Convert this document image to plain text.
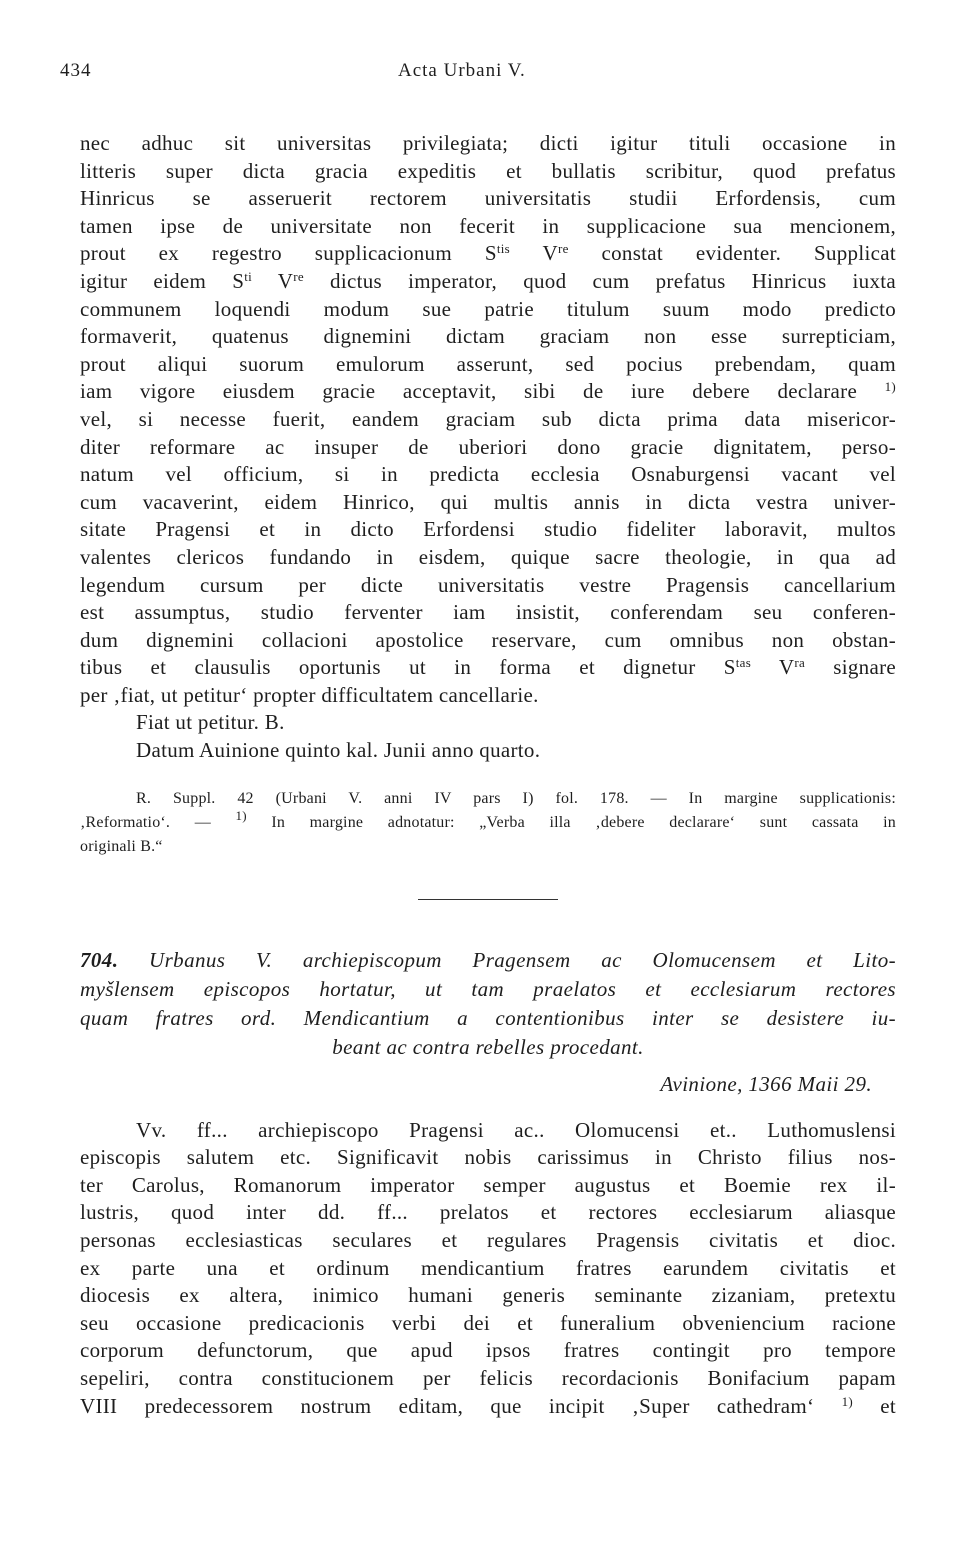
434	Acta Urbani V.

nec adhuc sit universitas privilegiata; dicti igitur tituli occasione in
litteris super dicta gracia expeditis et bullatis scribitur, quod prefatus
Hinricus se asseruerit rectorem universitatis studii Erfordensis, cum
tamen ipse de universitate non fecerit in supplicacione sua mencionem,
prout ex regestro supplicacionum $S^{tis}$ Vre constat evidenter. Supplicat
igitur eidem $S^{ti}$ Vre dictus imperator, quod cum prefatus Hinricus iuxta
communem loquendi modum sue patrie titulum suum modo predicto
formaverit, quatenus dignemini dictam graciam non esse surrepticiam,
prout aliqui suorum emulorum asserunt, sed pocius prebendam, quam
iam vigore eiusdem gracie acceptavit, sibi de iure debere declarare $^{1)}$
vel, si necesse fuerit, eandem graciam sub dicta prima data misericor-
diter reformare ac insuper de uberiori dono gracie dignitatem, perso-
natum vel officium, si in predicta ecclesia Osnaburgensi vacant vel
cum vacaverint, eidem Hinrico, qui multis annis in dicta vestra univer-
sitate Pragensi et in dicto Erfordensi studio fideliter laboravit, multos
valentes clericos fundando in eisdem, quique sacre theologie, in qua ad
legendum cursum per dicte universitatis vestre Pragensis cancellarium
est assumptus, studio ferventer iam insistit, conferendam seu conferen-
dum dignemini collacioni apostolice reservare, cum omnibus non obstan-
tibus et clausulis oportunis ut in forma et dignetur $S^{tas}$ $V^{ra}$ signare
per ‚fiat, ut petitur‘ propter difficultatem cancellarie.

Fiat ut petitur. B.

Datum Auinione quinto kal. Junii anno quarto.

R. Suppl. 42 (Urbani V. anni IV pars I) fol. 178. — In margine supplicationis:
‚Reformatio‘. — $^{1)}$ In margine adnotatur: „Verba illa ‚debere declarare‘ sunt cassata in
originali B.“
704. Urbanus V. archiepiscopum Pragensem ac Olomucensem et Lito-
myšlensem episcopos hortatur, ut tam praelatos et ecclesiarum rectores
quam fratres ord. Mendicantium a contentionibus inter se desistere iu-
beant ac contra rebelles procedant.
Avinione, 1366 Maii 29.

Vv. ff... archiepiscopo Pragensi ac.. Olomucensi et.. Luthomuslensi
episcopis salutem etc. Significavit nobis carissimus in Christo filius nos-
ter Carolus, Romanorum imperator semper augustus et Boemie rex il-
lustris, quod inter dd. ff... prelatos et rectores ecclesiarum aliasque
personas ecclesiasticas seculares et regulares Pragensis civitatis et dioc.
ex parte una et ordinum mendicantium fratres earundem civitatis et
diocesis ex altera, inimico humani generis seminante zizaniam, pretextu
seu occasione predicacionis verbi dei et funeralium obveniencium racione
corporum defunctorum, que apud ipsos fratres contingit pro tempore
sepeliri, contra constitucionem per felicis recordacionis Bonifacium papam
VIII predecessorem nostrum editam, que incipit ‚Super cathedram‘ $^{1)}$ et
